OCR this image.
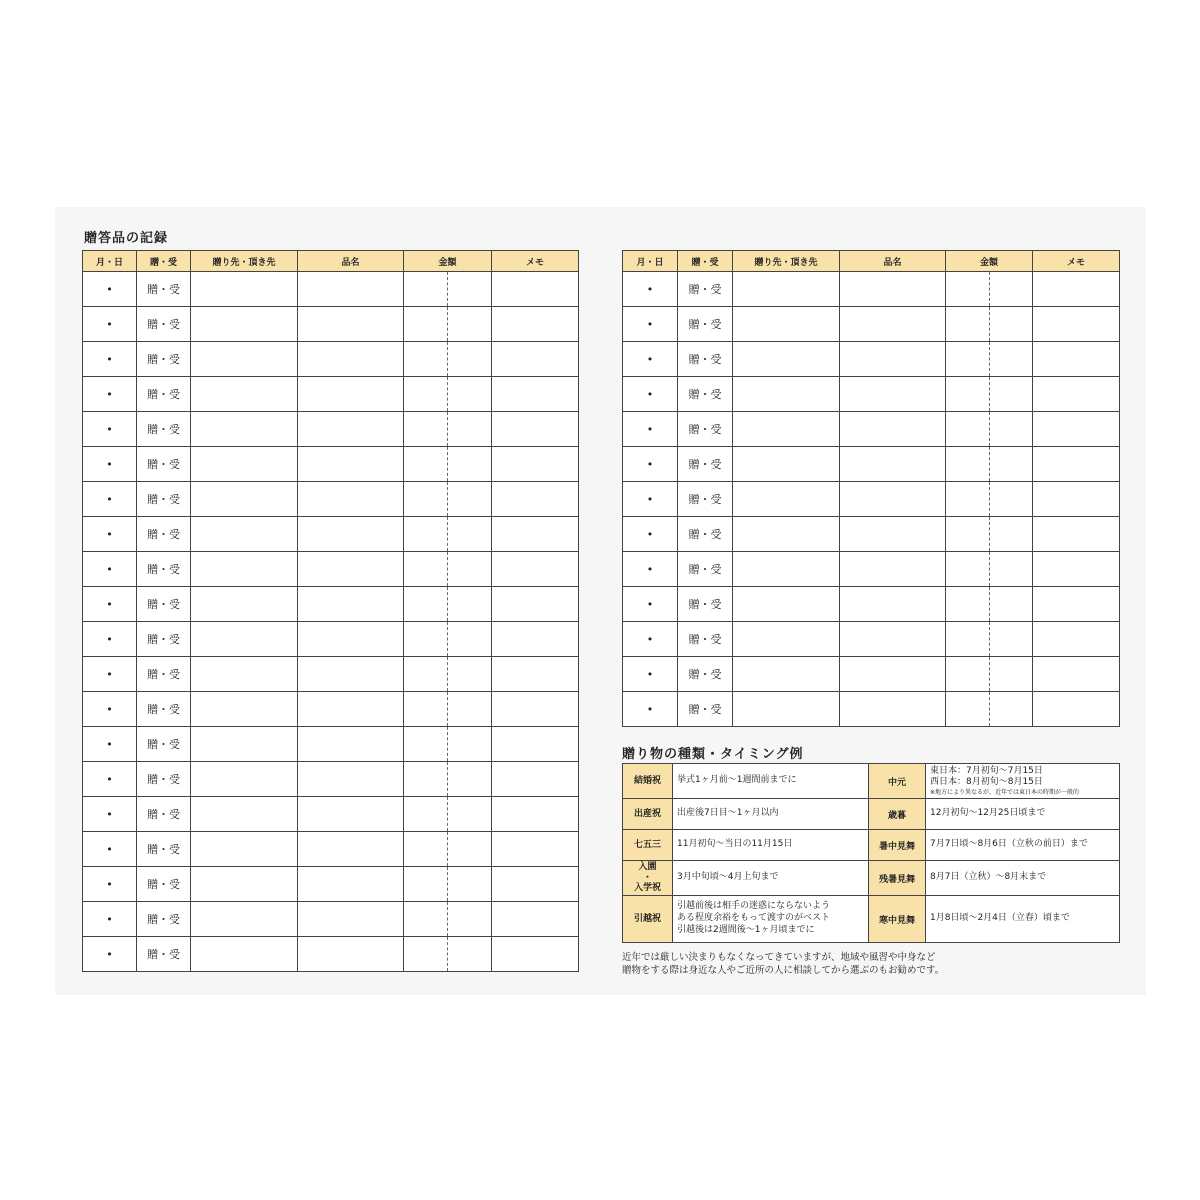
贈答品の記録
月・日	贈・受	贈り先・頂き先	品名	金額		メモ
•	贈・受					
•	贈・受					
•	贈・受					
•	贈・受					
•	贈・受					
•	贈・受					
•	贈・受					
•	贈・受					
•	贈・受					
•	贈・受					
•	贈・受					
•	贈・受					
•	贈・受					
•	贈・受					
•	贈・受					
•	贈・受					
•	贈・受					
•	贈・受					
•	贈・受					
•	贈・受					
月・日	贈・受	贈り先・頂き先	品名	金額		メモ
•	贈・受					
•	贈・受					
•	贈・受					
•	贈・受					
•	贈・受					
•	贈・受					
•	贈・受					
•	贈・受					
•	贈・受					
•	贈・受					
•	贈・受					
•	贈・受					
•	贈・受					
贈り物の種類・タイミング例
結婚祝	挙式1ヶ月前〜1週間前までに	中元	東日本：7月初旬〜7月15日
西日本：8月初旬〜8月15日
※地方により異なるが、近年では東日本の時期が一般的

出産祝	出産後7日目〜1ヶ月以内	歳暮	12月初旬〜12月25日頃まで

七五三	11月初旬〜当日の11月15日	暑中見舞	7月7日頃〜8月6日（立秋の前日）まで

入園
・
入学祝	3月中旬頃〜4月上旬まで	残暑見舞	8月7日（立秋）〜8月末まで

引越祝	引越前後は相手の迷惑にならないよう
ある程度余裕をもって渡すのがベスト
引越後は2週間後〜1ヶ月頃までに	寒中見舞	1月8日頃〜2月4日（立春）頃まで
近年では厳しい決まりもなくなってきていますが、地域や風習や中身など
贈物をする際は身近な人やご近所の人に相談してから選ぶのもお勧めです。
